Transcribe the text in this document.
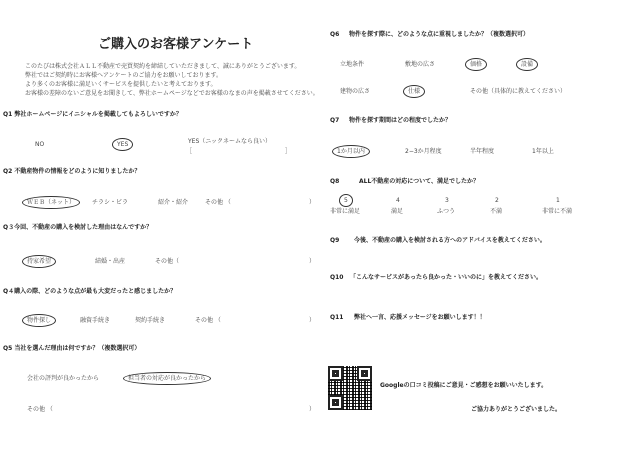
ご購入のお客様アンケート
このたびは株式会社ＡＬＬ不動産で売買契約を締結していただきまして、誠にありがとうございます。
弊社ではご契約時にお客様へアンケートのご協力をお願いしております。
より多くのお客様に満足いくサービスを提供したいと考えております。
お客様の差障のないご意見をお聞きして、弊社ホームページなどでお客様のなまの声を掲載させてください。
Q1 弊社ホームページにイニシャルを掲載してもよろしいですか？
NO	YES	YES（ニックネームなら良い）
［	］
Q2 不動産物件の情報をどのように知りましたか？
ＷＥＢ（ネット）	チラシ・ビラ	紹介・紹介	その他 （	）
Q３今回、不動産の購入を検討した理由はなんですか？
持家希望	結婚・出産	その他（	）
Q４購入の際、どのような点が最も大変だったと感じましたか？
物件探し	融資手続き	契約手続き	その他 （	）
Q5 当社を選んだ理由は何ですか？（複数選択可）
会社の評判が良かったから	担当者の対応が良かったから
その他 （	）
Q6 物件を探す際に、どのような点に重視しましたか？（複数選択可）
立地条件	敷地の広さ	価格	設備
建物の広さ	仕様	その他（具体的に教えてください）
Q7 物件を探す期間はどの程度でしたか？
1か月以内	2−3か月程度	半年程度	1年以上
Q8	ALL不動産の対応について、満足でしたか？
5
非常に満足
4
満足
3
ふつう
2
不満
1
非常に不満
Q9 今後、不動産の購入を検討される方へのアドバイスを教えてください。
Q10 「こんなサービスがあったら良かった・いいのに」を教えてください。
Q11 弊社へ一言、応援メッセージをお願いします！！
Googleの口コミ投稿にご意見・ご感想をお願いいたします。
ご協力ありがとうございました。
